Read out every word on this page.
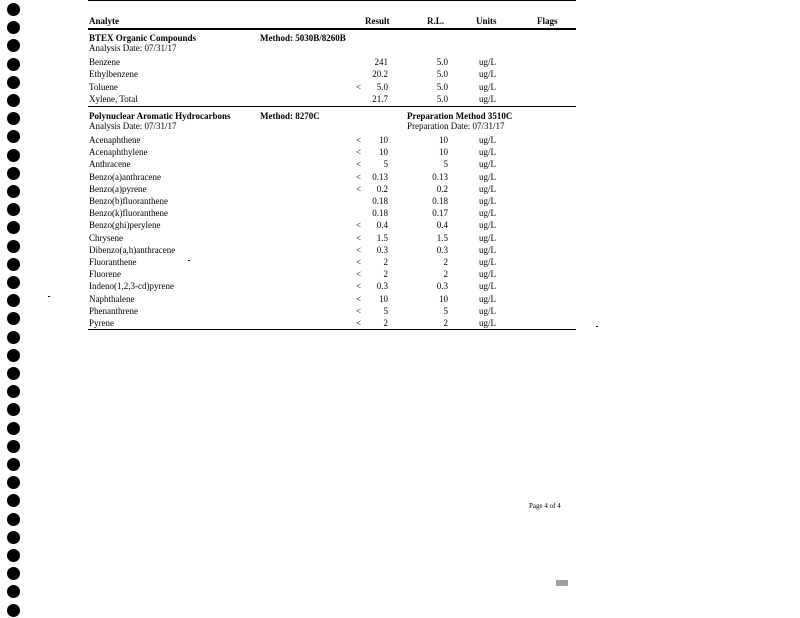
Analyte	Result	R.L.	Units	Flags
BTEX Organic Compounds	Method: 5030B/8260B
Analysis Date: 07/31/17
Benzene	241	5.0	ug/L
Ethylbenzene	20.2	5.0	ug/L
Toluene	<	5.0	5.0	ug/L
Xylene, Total	21.7	5.0	ug/L
Polynuclear Aromatic Hydrocarbons	Method: 8270C	Preparation Method 3510C
Analysis Date: 07/31/17	Preparation Date: 07/31/17
Acenaphthene	<	10	10	ug/L
Acenaphthylene	<	10	10	ug/L
Anthracene	<	5	5	ug/L
Benzo(a)anthracene	<	0.13	0.13	ug/L
Benzo(a)pyrene	<	0.2	0.2	ug/L
Benzo(b)fluoranthene	0.18	0.18	ug/L
Benzo(k)fluoranthene	0.18	0.17	ug/L
Benzo(ghi)perylene	<	0.4	0.4	ug/L
Chrysene	<	1.5	1.5	ug/L
Dibenzo(a,h)anthracene	<	0.3	0.3	ug/L
Fluoranthene	<	2	2	ug/L
Fluorene	<	2	2	ug/L
Indeno(1,2,3-cd)pyrene	<	0.3	0.3	ug/L
Naphthalene	<	10	10	ug/L
Phenanthrene	<	5	5	ug/L
Pyrene	<	2	2	ug/L
Page 4 of 4
